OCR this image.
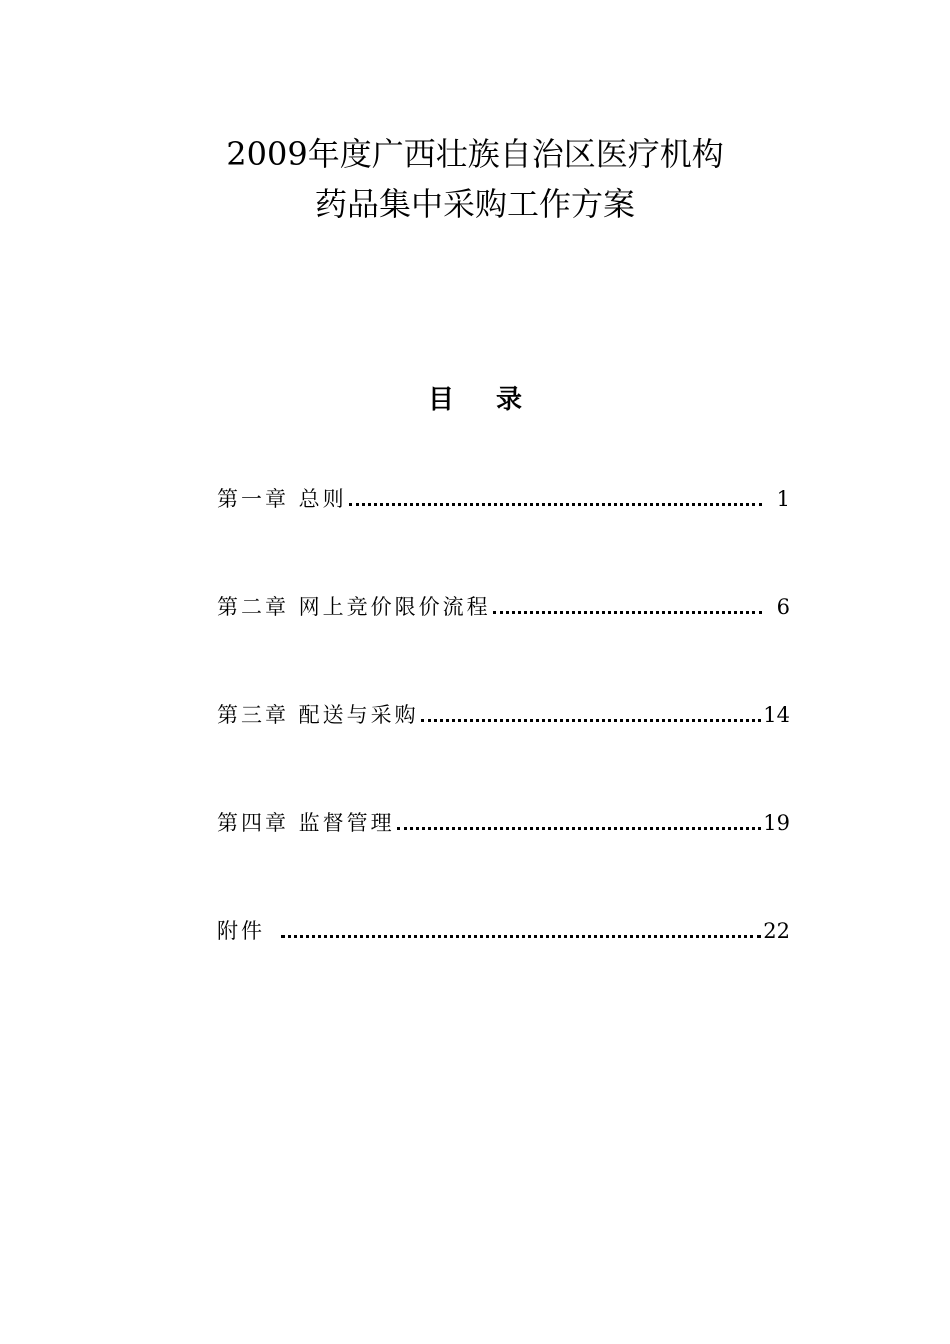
2009年度广西壮族自治区医疗机构
药品集中采购工作方案
目 录
第一章 总则	1
第二章 网上竞价限价流程	6
第三章 配送与采购	14
第四章 监督管理	19
附件	22
